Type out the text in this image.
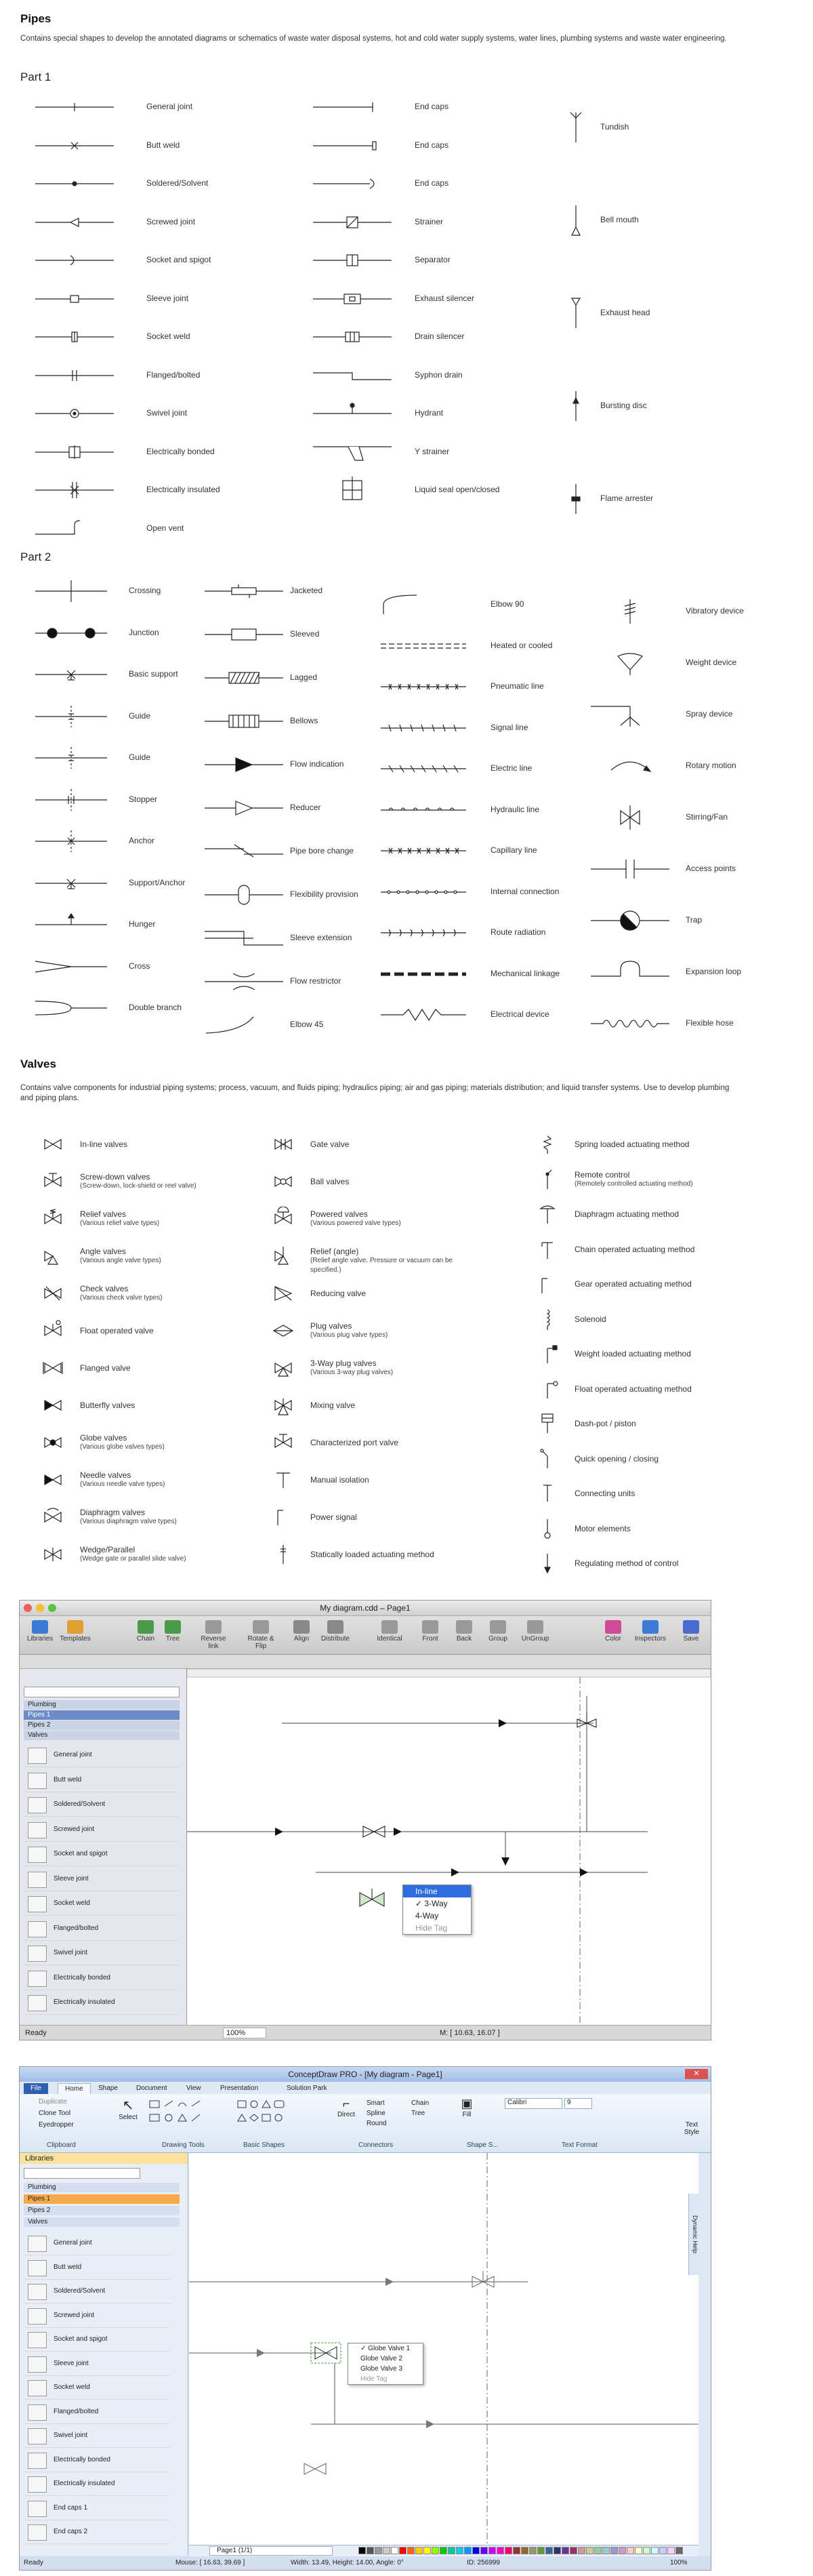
Pipes
Contains special shapes to develop the annotated diagrams or schematics of waste water disposal systems, hot and cold water supply systems, water lines, plumbing systems and waste water engineering.
Part 1
General joint
Butt weld
Soldered/Solvent
Screwed joint
Socket and spigot
Sleeve joint
Socket weld
Flanged/bolted
Swivel joint
Electrically bonded
Electrically insulated
Open vent
End caps
End caps
End caps
Strainer
Separator
Exhaust silencer
Drain silencer
Syphon drain
Hydrant
Y strainer
Liquid seal open/closed
Tundish
Bell mouth
Exhaust head
Bursting disc
Flame arrester
Part 2
Crossing
Junction
Basic support
Guide
Guide
Stopper
Anchor
Support/Anchor
Hunger
Cross
Double branch
Jacketed
Sleeved
Lagged
Bellows
Flow indication
Reducer
Pipe bore change
Flexibility provision
Sleeve extension
Flow restrictor
Elbow 45
Elbow 90
Heated or cooled
Pneumatic line
Signal line
Electric line
Hydraulic line
Capillary line
Internal connection
Route radiation
Mechanical linkage
Electrical device
Vibratory device
Weight device
Spray device
Rotary motion
Stirring/Fan
Access points
Trap
Expansion loop
Flexible hose
Valves
Contains valve components for industrial piping systems; process, vacuum, and fluids piping; hydraulics piping; air and gas piping; materials distribution; and liquid transfer systems. Use to develop plumbing and piping plans.
In-line valves
Screw-down valves
(Screw-down, lock-shield or reel valve)
Relief valves
(Various relief valve types)
Angle valves
(Various angle valve types)
Check valves
(Various check valve types)
Float operated valve
Flanged valve
Butterfly valves
Globe valves
(Various globe valves types)
Needle valves
(Various needle valve types)
Diaphragm valves
(Various diaphragm valve types)
Wedge/Parallel
(Wedge gate or parallel slide valve)
Gate valve
Ball valves
Powered valves
(Various powered valve types)
Relief (angle)
(Relief angle valve. Pressure or vacuum can be specified.)
Reducing valve
Plug valves
(Various plug valve types)
3-Way plug valves
(Various 3-way plug valves)
Mixing valve
Characterized port valve
Manual isolation
Power signal
Statically loaded actuating method
Spring loaded actuating method
Remote control
(Remotely controlled actuating method)
Diaphragm actuating method
Chain operated actuating method
Gear operated actuating method
Solenoid
Weight loaded actuating method
Float operated actuating method
Dash-pot / piston
Quick opening / closing
Connecting units
Motor elements
Regulating method of control
My diagram.cdd – Page1
Libraries	Templates	Chain	Tree	Reverse link
Rotate & Flip
Align	Distribute	Identical	Front	Back	Group	UnGroup	Color	Inspectors	Save
Plumbing
Pipes 1
Pipes 2
Valves
General joint
Butt weld
Soldered/Solvent
Screwed joint
Socket and spigot
Sleeve joint
Socket weld
Flanged/bolted
Swivel joint
Electrically bonded
Electrically insulated
In-line
✓ 3-Way
4-Way
Hide Tag
Ready	100%	M: [ 10.63, 16.07 ]
ConceptDraw PRO - [My diagram - Page1]	✕
File	Home	Shape	Document	View	Presentation	Solution Park
Duplicate
Clone Tool
Eyedropper
↖
Select
⌐
Direct
Smart
Spline
Round
Chain
Tree
▣
Fill
Calibri	9
Text Style
Clipboard	Drawing Tools	Basic Shapes	Connectors	Shape S...	Text Format
Libraries
Plumbing
Pipes 1
Pipes 2
Valves
General joint
Butt weld
Soldered/Solvent
Screwed joint
Socket and spigot
Sleeve joint
Socket weld
Flanged/bolted
Swivel joint
Electrically bonded
Electrically insulated
End caps 1
End caps 2
✓ Globe Valve 1
Globe Valve 2
Globe Valve 3
Hide Tag
Dynamic Help
Page1 (1/1)
Ready	Mouse: [ 16.63, 39.69 ]	Width: 13.49, Height: 14.00, Angle: 0°	ID: 256999	100%
